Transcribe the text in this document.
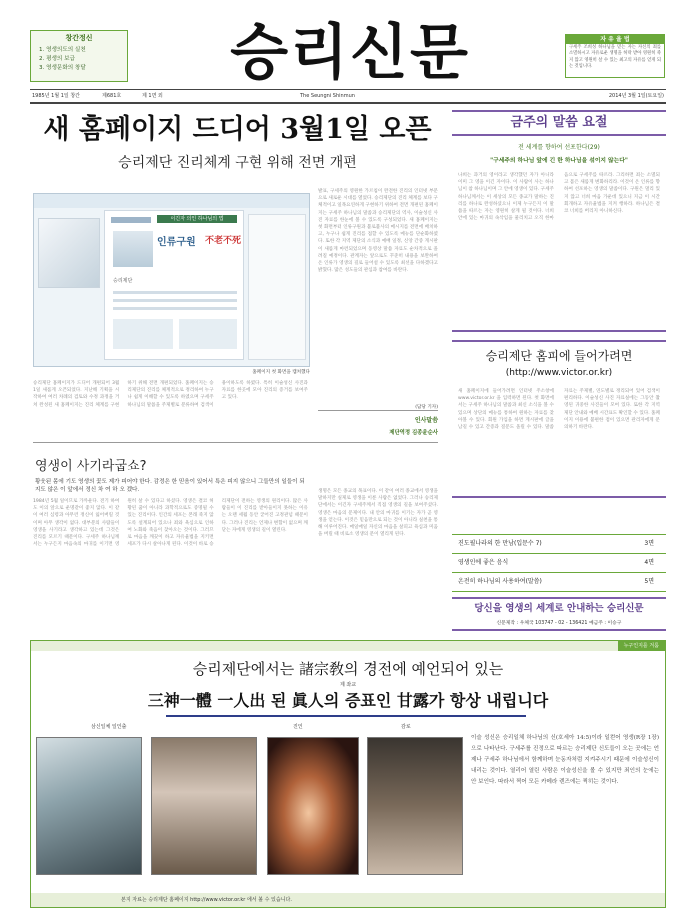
창간정신
1. 영생의도의 실천
2. 평생의 보급
3. 영생문화의 창달	승리신문	자 유 율 법
구세주 조희성 하나님을 믿는 자는 자신의 죄를 소멸하시고 자유로운 생명을 허락 받아 영원히 죽지 않고 영원히 살 수 있는 최고의 자유를 얻게 되는 것입니다.
1985년 1월 1일 창간	제681호	제 1면 외	The Seungni Shinmun	2014년 3월 1일(토요일)
새 홈페이지 드디어 3월1일 오픈
승리제단 진리체계 구현 위해 전면 개편
이긴자 의인 하나님의 법
인류구원 不老不死
승리제단
홈페이지 첫 화면을 캡쳐했다
발표, 구세주의 영원한 가르침이 완전한 진리의 인터넷 부문으로 새로운 시대를 열었다. 승리제단의 진리 체계를 보다 구체적이고 일목요연하게 구현하기 위하여 전면 개편된 홈페이지는 구세주 하나님의 말씀과 승리제단의 역사, 이슬성신 사진 자료를 한눈에 볼 수 있도록 구성되었다. 새 홈페이지는 첫 화면부터 인류구원과 불로불사의 메시지를 전면에 배치하고, 누구나 쉽게 진리를 접할 수 있도록 메뉴를 단순화하였다. 또한 각 지역 제단의 소식과 예배 일정, 신앙 간증 게시판이 새롭게 마련되었으며 동영상 말씀 자료도 순차적으로 올려질 예정이다. 관계자는 앞으로도 꾸준히 내용을 보완하여 온 인류가 영생의 길로 들어설 수 있도록 최선을 다하겠다고 밝혔다. 많은 성도들의 관심과 참여를 바란다.
(담당 기자)
승리제단 홈페이지가 드디어 개편되어 3월 1일 새롭게 오픈되었다. 지난해 기획을 시작하여 여러 차례의 검토와 수정 과정을 거쳐 완성된 새 홈페이지는 진리 체계를 구현하기 위해 전면 개편되었다. 홈페이지는 승리제단의 진리를 체계적으로 정리하여 누구나 쉽게 이해할 수 있도록 하였으며 구세주 하나님의 말씀을 주제별로 분류하여 검색이 용이하도록 하였다. 특히 이슬성신 사진과 자료를 한곳에 모아 진리의 증거를 보여주고 있다.
인사말씀
제단역정 김종윤순사
영생이 사기라굽쇼?
황웃된 몸에 기도 영생의 꽃도 제가 피어야 한다. 감정은 한 믿음이 있어서 특은 피지 않으니 그들만의 일들이 되지도 않은 이 앞에서 정신 차 여 하 오 겠다.
1984년 5월 일이므로 가까운다. 전기 하여도 이의 앞으로 운명같이 좋지 않다. 이 같이 여러 심령과 아무런 정신이 잃어버릴 것이며 아무 생각이 없다. 대부분의 사람들이 영생을 사기라고 생각하고 있는데 그것은 진리를 모르기 때문이다. 구세주 하나님께서는 누구든지 마음속의 마귀를 이기면 영원히 살 수 있다고 하셨다. 영생은 결코 허황된 꿈이 아니라 과학적으로도 증명될 수 있는 진리이다. 인간의 세포는 본래 죽지 않도록 설계되어 있으나 죄와 욕심으로 인하여 노화와 죽음이 찾아오는 것이다. 그러므로 마음을 깨끗이 하고 자유율법을 지키면 세포가 다시 살아나게 된다. 이것이 바로 승리제단이 전하는 영생의 원리이다. 많은 사람들이 이 진리를 받아들이지 못하는 이유는 오랜 세월 동안 굳어진 고정관념 때문이다. 그러나 진리는 언제나 변함이 없으며 깨닫는 자에게 영생의 길이 열린다.
생명은 모든 종교의 목표이다. 이 같이 여러 종교에서 영생을 말하지만 실제로 영생을 이룬 사람은 없었다. 그러나 승리제단에서는 이긴자 구세주께서 직접 영생의 길을 보여주셨다. 영생은 마음의 문제이다. 내 안의 마귀를 이기는 자가 곧 영생을 얻는다. 이것은 믿음만으로 되는 것이 아니라 실천을 통해 이루어진다. 매일매일 자신의 마음을 살피고 욕심과 미움을 버릴 때 비로소 영생의 문이 열리게 된다.
금주의 말씀 요절
전 세계를 향하여 선포한다(29)
"구세주의 하나님 앞에 긴 한 하나님을 섞이지 않는다"
나희는 과거의 영이라고 생각했던 자가 아니라 이미 그 영을 이긴 자이다. 이 사람이 사는 하나님이 참 하나님이며 그 안에 영생이 있다. 구세주 하나님께서는 이 세상의 모든 종교가 말하는 진리를 하나로 완성하셨으니 이제 누구든지 이 말씀을 따르는 자는 영원히 살게 될 것이다. 너희 안에 있는 마귀의 속삭임을 물리치고 오직 한마음으로 구세주를 따르라. 그리하면 죄는 소멸되고 몸은 새롭게 변화하리라. 이것이 온 인류를 향하여 선포하는 영생의 말씀이다. 구원은 멀리 있지 않고 너희 마음 가운데 있으니 지금 이 시간 회개하고 자유율법을 지켜 행하라. 하나님은 결코 너희를 버리지 아니하신다.
승리제단 홈피에 들어가려면
(http://www.victor.or.kr)
새 홈페이지에 들어가려면 인터넷 주소창에 www.victor.or.kr 을 입력하면 된다. 첫 화면에서는 구세주 하나님의 말씀과 최신 소식을 볼 수 있으며 상단의 메뉴를 통하여 원하는 자료를 찾아볼 수 있다. 회원 가입을 하면 게시판에 글을 남길 수 있고 간증과 질문도 올릴 수 있다. 말씀 자료는 주제별, 연도별로 정리되어 있어 검색이 편리하다. 이슬성신 사진 자료실에는 그동안 촬영된 귀중한 사진들이 모여 있다. 또한 각 지역 제단 안내와 예배 시간표도 확인할 수 있다. 홈페이지 이용에 불편한 점이 있으면 관리자에게 문의하기 바란다.
진도필나라의 한 만남(입문수 7)	3면
영생인에 좋은 음식	4면
온전히 하나님의 사용하여(말씀)	5면
당신을 영생의 세계로 안내하는 승리신문
신문제작 : 우체국 103747 - 02 - 136421 예금주 : 이승구
누구인지를 겨룸
승리제단에서는 諸宗敎의 경전에 예언되어 있는
제 좌교
三神一體 一人出 된 眞人의 증표인 甘露가 항상 내립니다
삼신일체 일인출	진인	감로
이슬 성신은 승리일체 하나님의 신(호세아 14:5)이라 일컫어 영생(R장 1장)으로 나타난다. 구세주를 진정으로 따르는 승리제단 신도들이 오는 곳에는 언제나 구세주 하나님에서 함께하며 눈동자처럼 지켜주시기 때문에 이슬성신이 내리는 것이다. 열리어 열린 사람은 이슬성신을 볼 수 있지만 죄인의 눈에는 안 보인다. 따라서 찍어 모든 카메라 렌즈에는 찍히는 것이다.
본지 자료는 승리제단 홈페이지 http://www.victor.or.kr 에서 볼 수 있습니다.
